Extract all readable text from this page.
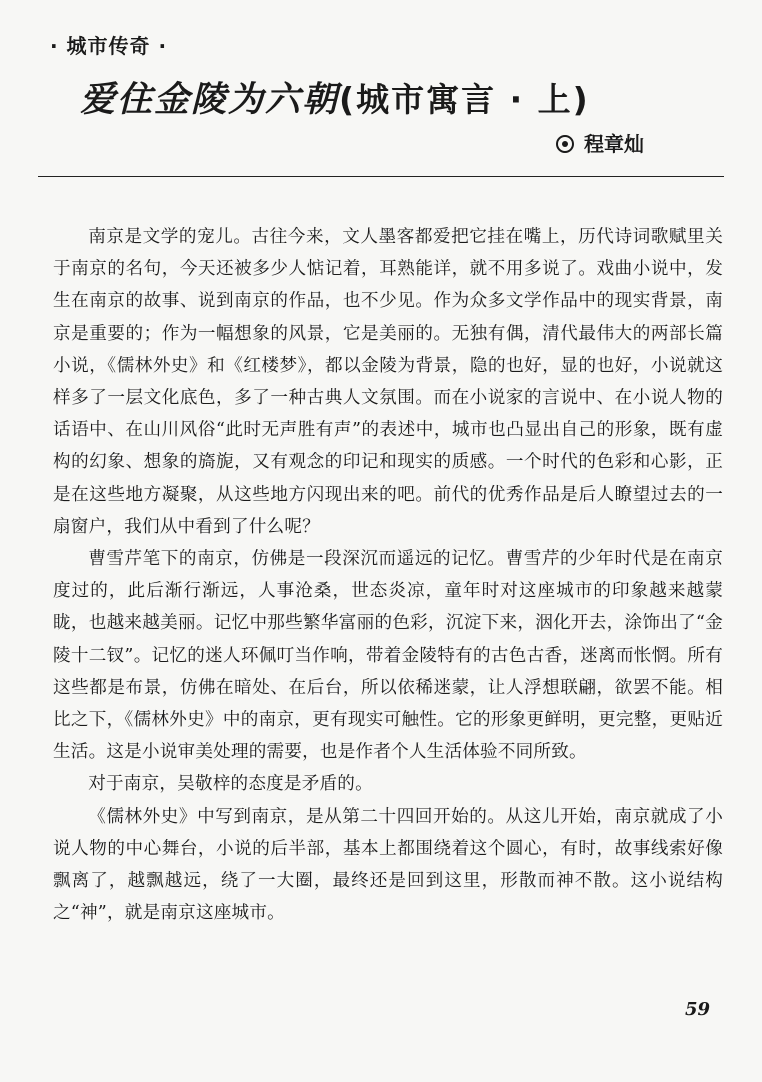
· 城市传奇 ·
爱住金陵为六朝(城市寓言 · 上)
程章灿

南京是文学的宠儿。古往今来，文人墨客都爱把它挂在嘴上，历代诗词歌赋里关于南京的名句，今天还被多少人惦记着，耳熟能详，就不用多说了。戏曲小说中，发生在南京的故事、说到南京的作品，也不少见。作为众多文学作品中的现实背景，南京是重要的；作为一幅想象的风景，它是美丽的。无独有偶，清代最伟大的两部长篇小说，《儒林外史》和《红楼梦》，都以金陵为背景，隐的也好，显的也好，小说就这样多了一层文化底色，多了一种古典人文氛围。而在小说家的言说中、在小说人物的话语中、在山川风俗“此时无声胜有声”的表述中，城市也凸显出自己的形象，既有虚构的幻象、想象的旖旎，又有观念的印记和现实的质感。一个时代的色彩和心影，正是在这些地方凝聚，从这些地方闪现出来的吧。前代的优秀作品是后人瞭望过去的一扇窗户，我们从中看到了什么呢？

曹雪芹笔下的南京，仿佛是一段深沉而遥远的记忆。曹雪芹的少年时代是在南京度过的，此后渐行渐远，人事沧桑，世态炎凉，童年时对这座城市的印象越来越蒙眬，也越来越美丽。记忆中那些繁华富丽的色彩，沉淀下来，洇化开去，涂饰出了“金陵十二钗”。记忆的迷人环佩叮当作响，带着金陵特有的古色古香，迷离而怅惘。所有这些都是布景，仿佛在暗处、在后台，所以依稀迷蒙，让人浮想联翩，欲罢不能。相比之下，《儒林外史》中的南京，更有现实可触性。它的形象更鲜明，更完整，更贴近生活。这是小说审美处理的需要，也是作者个人生活体验不同所致。

对于南京，吴敬梓的态度是矛盾的。

《儒林外史》中写到南京，是从第二十四回开始的。从这儿开始，南京就成了小说人物的中心舞台，小说的后半部，基本上都围绕着这个圆心，有时，故事线索好像飘离了，越飘越远，绕了一大圈，最终还是回到这里，形散而神不散。这小说结构之“神”，就是南京这座城市。

59
